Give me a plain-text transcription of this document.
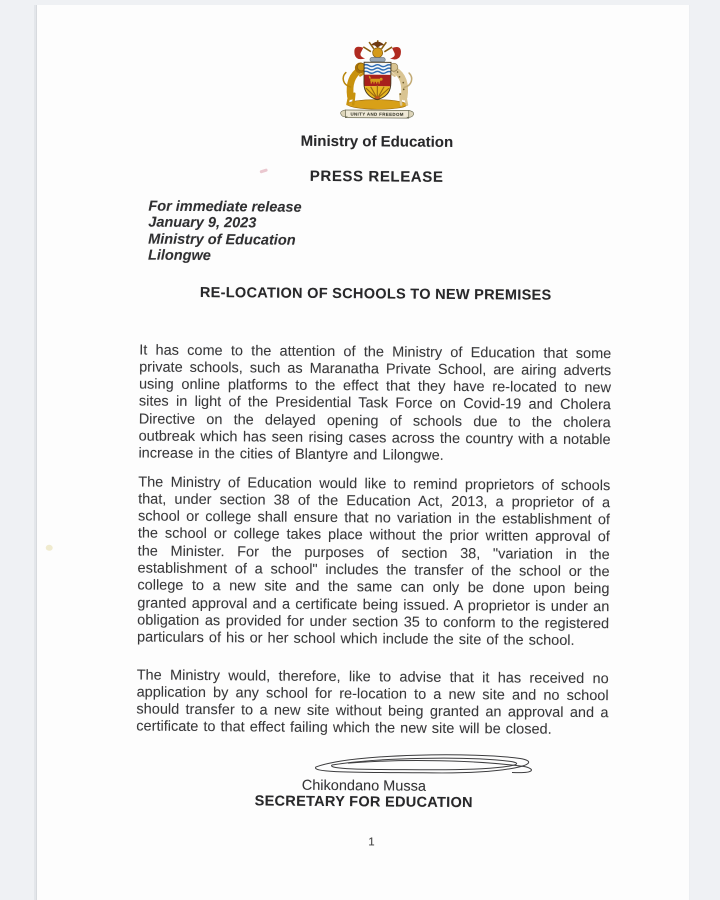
UNITY AND FREEDOM
Ministry of Education
PRESS RELEASE
For immediate release
January 9, 2023
Ministry of Education
Lilongwe
RE-LOCATION OF SCHOOLS TO NEW PREMISES

It has come to the attention of the Ministry of Education that some private schools, such as Maranatha Private School, are airing adverts using online platforms to the effect that they have re-located to new sites in light of the Presidential Task Force on Covid-19 and Cholera Directive on the delayed opening of schools due to the cholera outbreak which has seen rising cases across the country with a notable increase in the cities of Blantyre and Lilongwe.

The Ministry of Education would like to remind proprietors of schools that, under section 38 of the Education Act, 2013, a proprietor of a school or college shall ensure that no variation in the establishment of the school or college takes place without the prior written approval of the Minister. For the purposes of section 38, "variation in the establishment of a school" includes the transfer of the school or the college to a new site and the same can only be done upon being granted approval and a certificate being issued. A proprietor is under an obligation as provided for under section 35 to conform to the registered particulars of his or her school which include the site of the school.

The Ministry would, therefore, like to advise that it has received no application by any school for re-location to a new site and no school should transfer to a new site without being granted an approval and a certificate to that effect failing which the new site will be closed.

Chikondano Mussa
SECRETARY FOR EDUCATION
1
